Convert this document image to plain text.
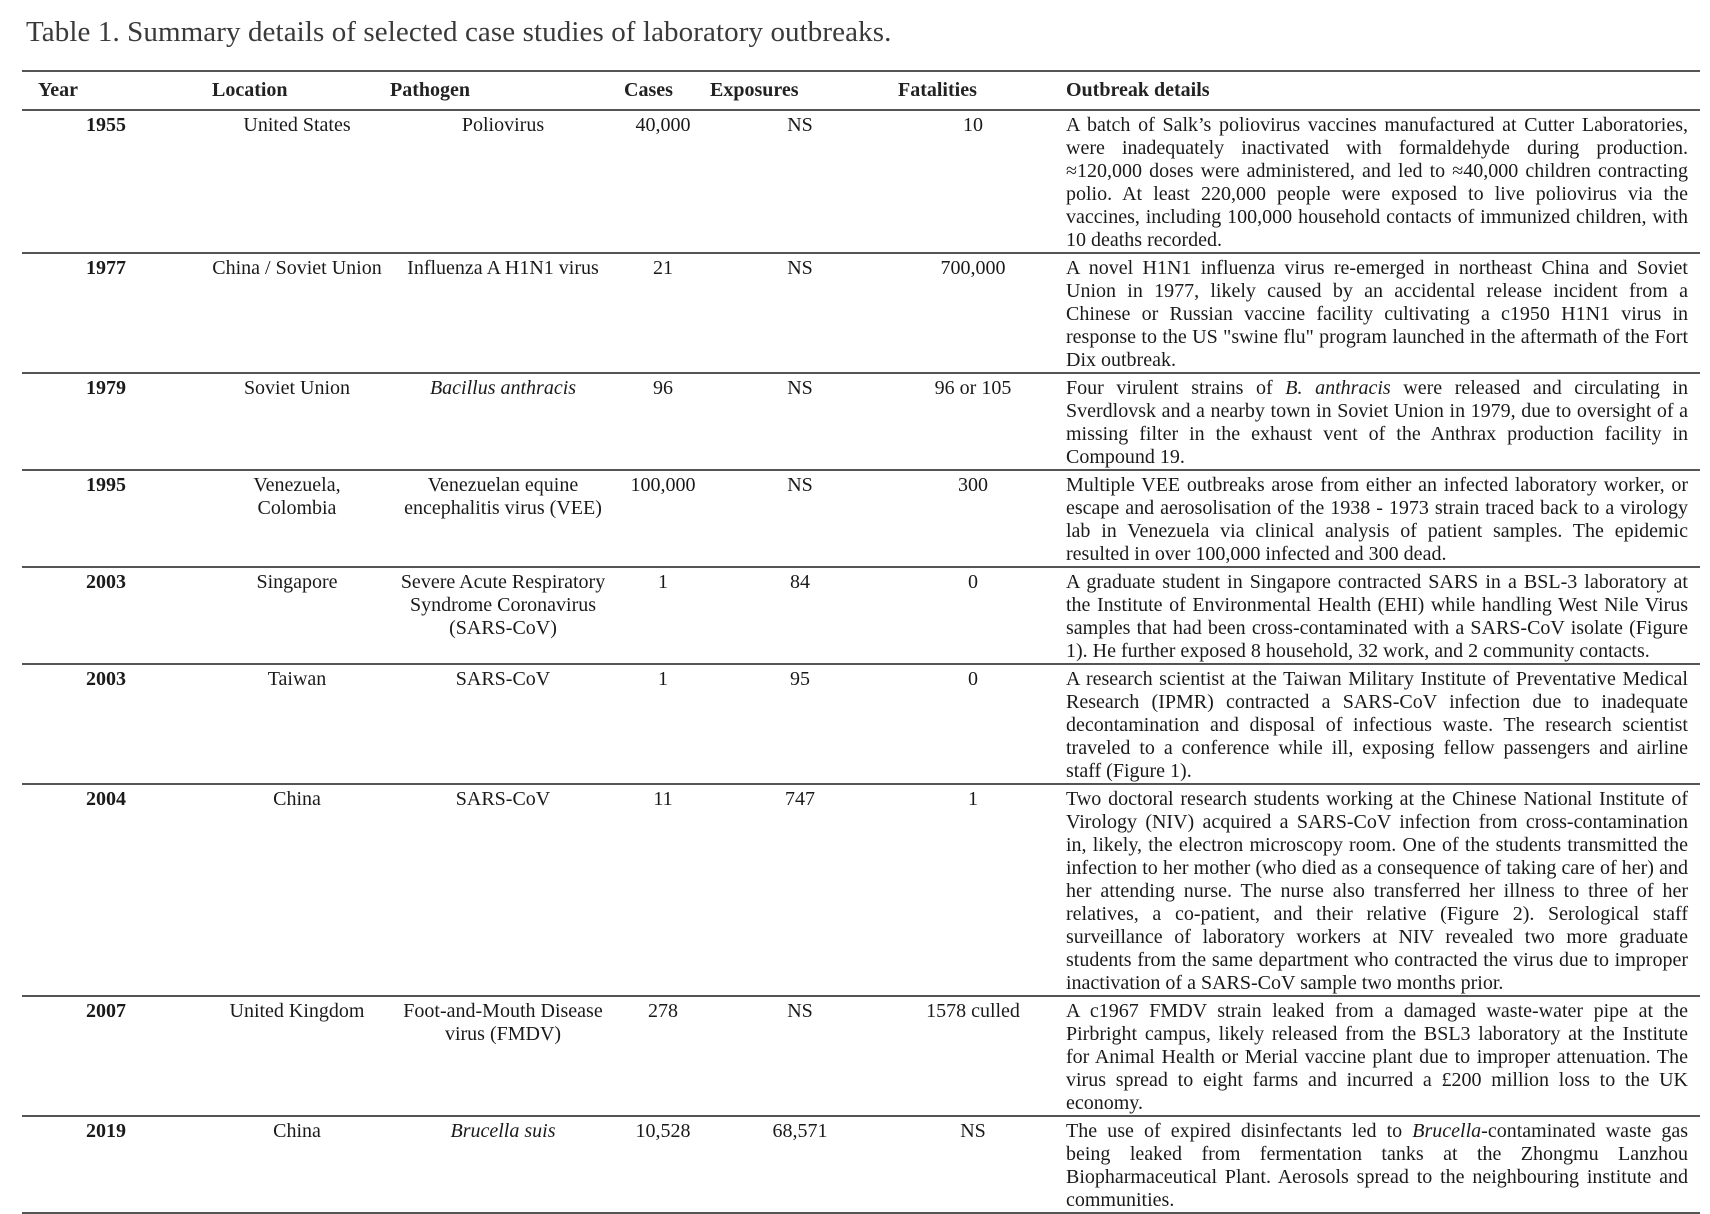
Table 1. Summary details of selected case studies of laboratory outbreaks.
Year	Location	Pathogen	Cases	Exposures	Fatalities	Outbreak details
1955	United States	Poliovirus	40,000	NS	10	A batch of Salk’s poliovirus vaccines manufactured at Cutter Laboratories, were inadequately inactivated with formaldehyde during production. ≈120,000 doses were administered, and led to ≈40,000 children contracting polio. At least 220,000 people were exposed to live poliovirus via the vaccines, including 100,000 household contacts of immunized children, with 10 deaths recorded.
1977	China / Soviet Union	Influenza A H1N1 virus	21	NS	700,000	A novel H1N1 influenza virus re-emerged in northeast China and Soviet Union in 1977, likely caused by an accidental release incident from a Chinese or Russian vaccine facility cultivating a c1950 H1N1 virus in response to the US "swine flu" program launched in the aftermath of the Fort Dix outbreak.
1979	Soviet Union	Bacillus anthracis	96	NS	96 or 105	Four virulent strains of B. anthracis were released and circulating in Sverdlovsk and a nearby town in Soviet Union in 1979, due to oversight of a missing filter in the exhaust vent of the Anthrax production facility in Compound 19.
1995	Venezuela, Colombia	Venezuelan equine encephalitis virus (VEE)	100,000	NS	300	Multiple VEE outbreaks arose from either an infected laboratory worker, or escape and aerosolisation of the 1938 - 1973 strain traced back to a virology lab in Venezuela via clinical analysis of patient samples. The epidemic resulted in over 100,000 infected and 300 dead.
2003	Singapore	Severe Acute Respiratory Syndrome Coronavirus (SARS-CoV)	1	84	0	A graduate student in Singapore contracted SARS in a BSL-3 laboratory at the Institute of Environmental Health (EHI) while handling West Nile Virus samples that had been cross-contaminated with a SARS-CoV isolate (Figure 1). He further exposed 8 household, 32 work, and 2 community contacts.
2003	Taiwan	SARS-CoV	1	95	0	A research scientist at the Taiwan Military Institute of Preventative Medical Research (IPMR) contracted a SARS-CoV infection due to inadequate decontamination and disposal of infectious waste. The research scientist traveled to a conference while ill, exposing fellow passengers and airline staff (Figure 1).
2004	China	SARS-CoV	11	747	1	Two doctoral research students working at the Chinese National Institute of Virology (NIV) acquired a SARS-CoV infection from cross-contamination in, likely, the electron microscopy room. One of the students transmitted the infection to her mother (who died as a consequence of taking care of her) and her attending nurse. The nurse also transferred her illness to three of her relatives, a co-patient, and their relative (Figure 2). Serological staff surveillance of laboratory workers at NIV revealed two more graduate students from the same department who contracted the virus due to improper inactivation of a SARS-CoV sample two months prior.
2007	United Kingdom	Foot-and-Mouth Disease virus (FMDV)	278	NS	1578 culled	A c1967 FMDV strain leaked from a damaged waste-water pipe at the Pirbright campus, likely released from the BSL3 laboratory at the Institute for Animal Health or Merial vaccine plant due to improper attenuation. The virus spread to eight farms and incurred a £200 million loss to the UK economy.
2019	China	Brucella suis	10,528	68,571	NS	The use of expired disinfectants led to Brucella-contaminated waste gas being leaked from fermentation tanks at the Zhongmu Lanzhou Biopharmaceutical Plant. Aerosols spread to the neighbouring institute and communities.
